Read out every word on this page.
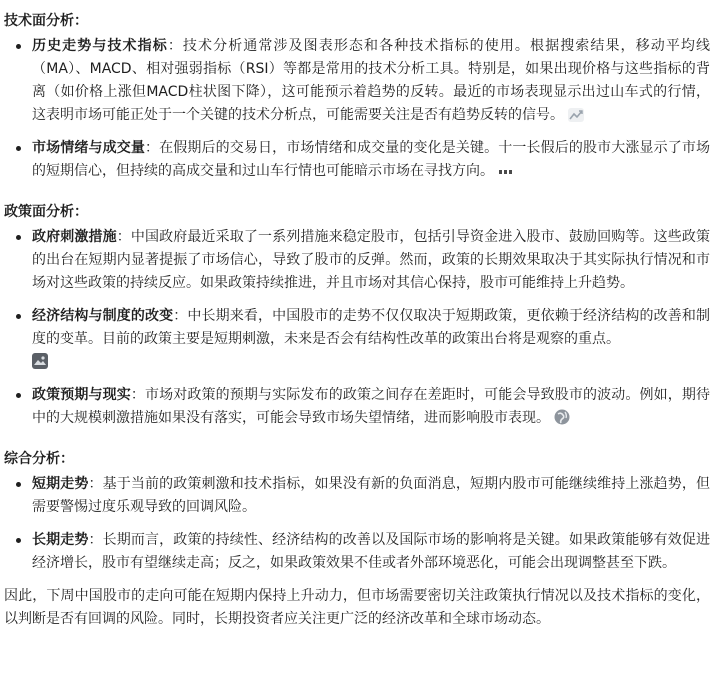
技术面分析：
历史走势与技术指标：技术分析通常涉及图表形态和各种技术指标的使用。根据搜索结果，移动平均线（MA）、MACD、相对强弱指标（RSI）等都是常用的技术分析工具。特别是，如果出现价格与这些指标的背离（如价格上涨但MACD柱状图下降），这可能预示着趋势的反转。最近的市场表现显示出过山车式的行情，这表明市场可能正处于一个关键的技术分析点，可能需要关注是否有趋势反转的信号。
市场情绪与成交量：在假期后的交易日，市场情绪和成交量的变化是关键。十一长假后的股市大涨显示了市场的短期信心，但持续的高成交量和过山车行情也可能暗示市场在寻找方向。
政策面分析：
政府刺激措施：中国政府最近采取了一系列措施来稳定股市，包括引导资金进入股市、鼓励回购等。这些政策的出台在短期内显著提振了市场信心，导致了股市的反弹。然而，政策的长期效果取决于其实际执行情况和市场对这些政策的持续反应。如果政策持续推进，并且市场对其信心保持，股市可能维持上升趋势。
经济结构与制度的改变：中长期来看，中国股市的走势不仅仅取决于短期政策，更依赖于经济结构的改善和制度的变革。目前的政策主要是短期刺激，未来是否会有结构性改革的政策出台将是观察的重点。

政策预期与现实：市场对政策的预期与实际发布的政策之间存在差距时，可能会导致股市的波动。例如，期待中的大规模刺激措施如果没有落实，可能会导致市场失望情绪，进而影响股市表现。
综合分析：
短期走势：基于当前的政策刺激和技术指标，如果没有新的负面消息，短期内股市可能继续维持上涨趋势，但需要警惕过度乐观导致的回调风险。
长期走势：长期而言，政策的持续性、经济结构的改善以及国际市场的影响将是关键。如果政策能够有效促进经济增长，股市有望继续走高；反之，如果政策效果不佳或者外部环境恶化，可能会出现调整甚至下跌。
因此，下周中国股市的走向可能在短期内保持上升动力，但市场需要密切关注政策执行情况以及技术指标的变化，以判断是否有回调的风险。同时，长期投资者应关注更广泛的经济改革和全球市场动态。
